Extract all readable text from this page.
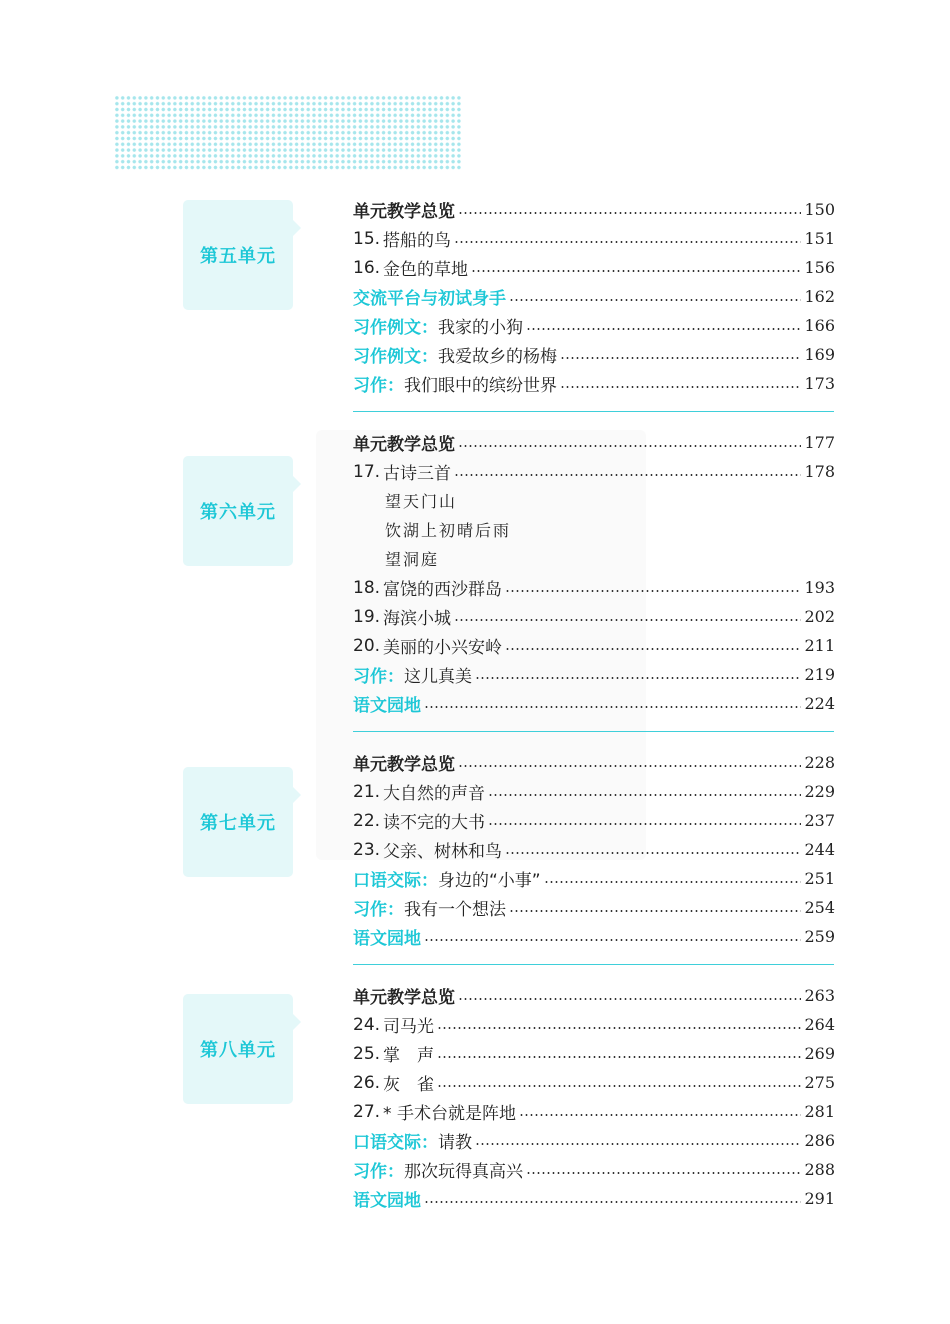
第五单元
单元教学总览	150
15. 搭船的鸟	151
16. 金色的草地	156
交流平台与初试身手	162
习作例文： 我家的小狗	166
习作例文： 我爱故乡的杨梅	169
习作： 我们眼中的缤纷世界	173
第六单元
单元教学总览	177
17. 古诗三首	178
望天门山
饮湖上初晴后雨
望洞庭
18. 富饶的西沙群岛	193
19. 海滨小城	202
20. 美丽的小兴安岭	211
习作： 这儿真美	219
语文园地	224
第七单元
单元教学总览	228
21. 大自然的声音	229
22. 读不完的大书	237
23. 父亲、树林和鸟	244
口语交际： 身边的“小事”	251
习作： 我有一个想法	254
语文园地	259
第八单元
单元教学总览	263
24. 司马光	264
25. 掌　声	269
26. 灰　雀	275
27. * 手术台就是阵地	281
口语交际： 请教	286
习作： 那次玩得真高兴	288
语文园地	291
